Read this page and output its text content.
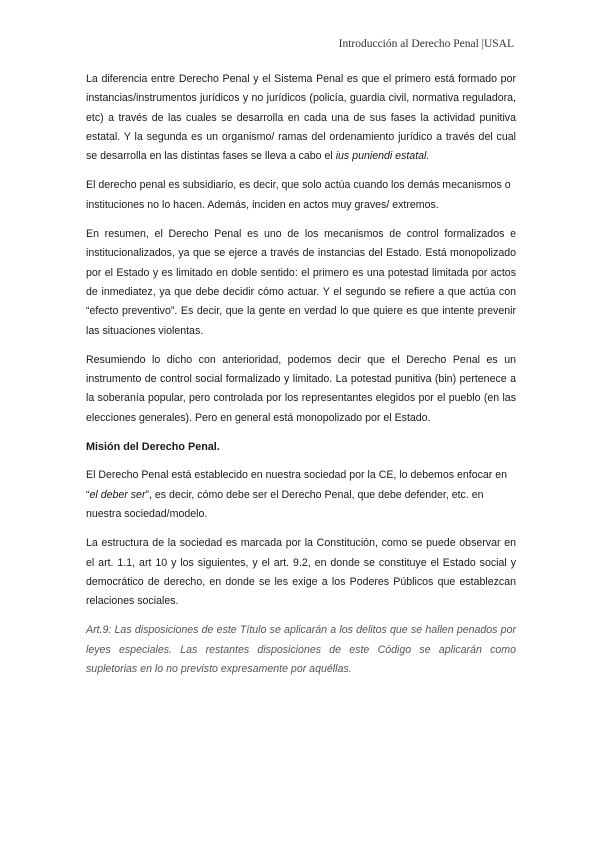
Introducción al Derecho Penal |USAL

La diferencia entre Derecho Penal y el Sistema Penal es que el primero está formado por instancias/instrumentos jurídicos y no jurídicos (policía, guardia civil, normativa reguladora, etc) a través de las cuales se desarrolla en cada una de sus fases la actividad punitiva estatal. Y la segunda es un organismo/ ramas del ordenamiento jurídico a través del cual se desarrolla en las distintas fases se lleva a cabo el ius puniendi estatal.

El derecho penal es subsidiario, es decir, que solo actúa cuando los demás mecanismos o instituciones no lo hacen. Además, inciden en actos muy graves/ extremos.

En resumen, el Derecho Penal es uno de los mecanismos de control formalizados e institucionalizados, ya que se ejerce a través de instancias del Estado. Está monopolizado por el Estado y es limitado en doble sentido: el primero es una potestad limitada por actos de inmediatez, ya que debe decidir cómo actuar. Y el segundo se refiere a que actúa con “efecto preventivo”. Es decir, que la gente en verdad lo que quiere es que intente prevenir las situaciones violentas.

Resumiendo lo dicho con anterioridad, podemos decir que el Derecho Penal es un instrumento de control social formalizado y limitado. La potestad punitiva (bin) pertenece a la soberanía popular, pero controlada por los representantes elegidos por el pueblo (en las elecciones generales). Pero en general está monopolizado por el Estado.

Misión del Derecho Penal.

El Derecho Penal está establecido en nuestra sociedad por la CE, lo debemos enfocar en “el deber ser”, es decir, cómo debe ser el Derecho Penal, que debe defender, etc. en nuestra sociedad/modelo.

La estructura de la sociedad es marcada por la Constitución, como se puede observar en el art. 1.1, art 10 y los siguientes, y el art. 9.2, en donde se constituye el Estado social y democrático de derecho, en donde se les exige a los Poderes Públicos que establezcan relaciones sociales.

Art.9: Las disposiciones de este Título se aplicarán a los delitos que se hallen penados por leyes especiales. Las restantes disposiciones de este Código se aplicarán como supletorias en lo no previsto expresamente por aquéllas.
